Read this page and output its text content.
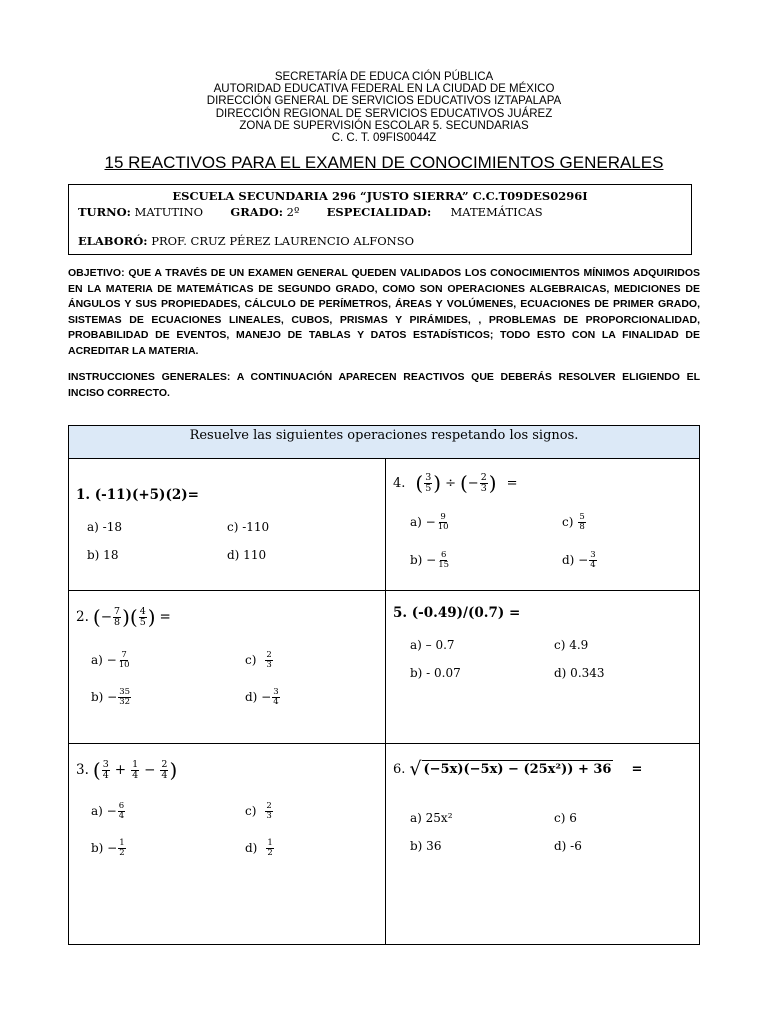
SECRETARÍA DE EDUCA CIÓN PÚBLICA
AUTORIDAD EDUCATIVA FEDERAL EN LA CIUDAD DE MÉXICO
DIRECCIÓN GENERAL DE SERVICIOS EDUCATIVOS IZTAPALAPA
DIRECCIÓN REGIONAL DE SERVICIOS EDUCATIVOS JUÁREZ
ZONA DE SUPERVISIÓN ESCOLAR 5. SECUNDARIAS
C. C. T. 09FIS0044Z
15 REACTIVOS PARA EL EXAMEN DE CONOCIMIENTOS GENERALES
ESCUELA SECUNDARIA 296 “JUSTO SIERRA” C.C.T09DES0296I
TURNO: MATUTINO GRADO: 2º ESPECIALIDAD: MATEMÁTICAS
ELABORÓ: PROF. CRUZ PÉREZ LAURENCIO ALFONSO
OBJETIVO: QUE A TRAVÉS DE UN EXAMEN GENERAL QUEDEN VALIDADOS LOS CONOCIMIENTOS MÍNIMOS ADQUIRIDOS EN LA MATERIA DE MATEMÁTICAS DE SEGUNDO GRADO, COMO SON OPERACIONES ALGEBRAICAS, MEDICIONES DE ÁNGULOS Y SUS PROPIEDADES, CÁLCULO DE PERÍMETROS, ÁREAS Y VOLÚMENES, ECUACIONES DE PRIMER GRADO, SISTEMAS DE ECUACIONES LINEALES, CUBOS, PRISMAS Y PIRÁMIDES, , PROBLEMAS DE PROPORCIONALIDAD, PROBABILIDAD DE EVENTOS, MANEJO DE TABLAS Y DATOS ESTADÍSTICOS; TODO ESTO CON LA FINALIDAD DE ACREDITAR LA MATERIA.
INSTRUCCIONES GENERALES: A CONTINUACIÓN APARECEN REACTIVOS QUE DEBERÁS RESOLVER ELIGIENDO EL INCISO CORRECTO.
Resuelve las siguientes operaciones respetando los signos.
1. (-11)(+5)(2)=
a) -18	c) -110
b) 18	d) 110
4. ( $\frac{3}{5}$ ) ÷ ( − $\frac{2}{3}$ ) =
$a) - \frac{9}{10}$	$c) \frac{5}{8}$
$b) - \frac{6}{15}$	$d) - \frac{3}{4}$
2. ( − $\frac{7}{8}$ ) ( $\frac{4}{5}$ ) =
$a) - \frac{7}{10}$	$c) \frac{2}{3}$
$b) - \frac{35}{32}$	$d) - \frac{3}{4}$
5. (-0.49)/(0.7) =
a) – 0.7	c) 4.9
b) - 0.07	d) 0.343
3. ( $\frac{3}{4} + \frac{1}{4} - \frac{2}{4}$ )
$a) - \frac{6}{4}$	$c) \frac{2}{3}$
$b) - \frac{1}{2}$	$d) \frac{1}{2}$
6. √ (−5x)(−5x) − (25x²)) + 36 =
a) 25x²	c) 6
b) 36	d) -6
